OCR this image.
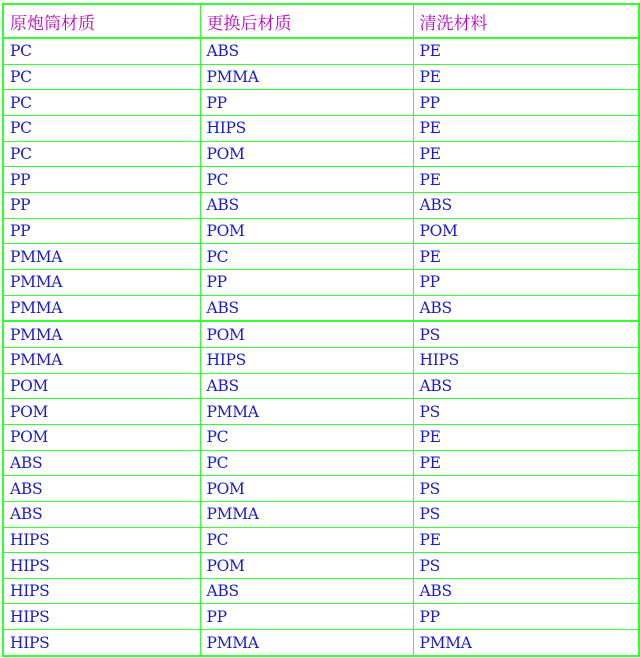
原炮筒材质	更换后材质	清洗材料
PC	ABS	PE
PC	PMMA	PE
PC	PP	PP
PC	HIPS	PE
PC	POM	PE
PP	PC	PE
PP	ABS	ABS
PP	POM	POM
PMMA	PC	PE
PMMA	PP	PP
PMMA	ABS	ABS
PMMA	POM	PS
PMMA	HIPS	HIPS
POM	ABS	ABS
POM	PMMA	PS
POM	PC	PE
ABS	PC	PE
ABS	POM	PS
ABS	PMMA	PS
HIPS	PC	PE
HIPS	POM	PS
HIPS	ABS	ABS
HIPS	PP	PP
HIPS	PMMA	PMMA
